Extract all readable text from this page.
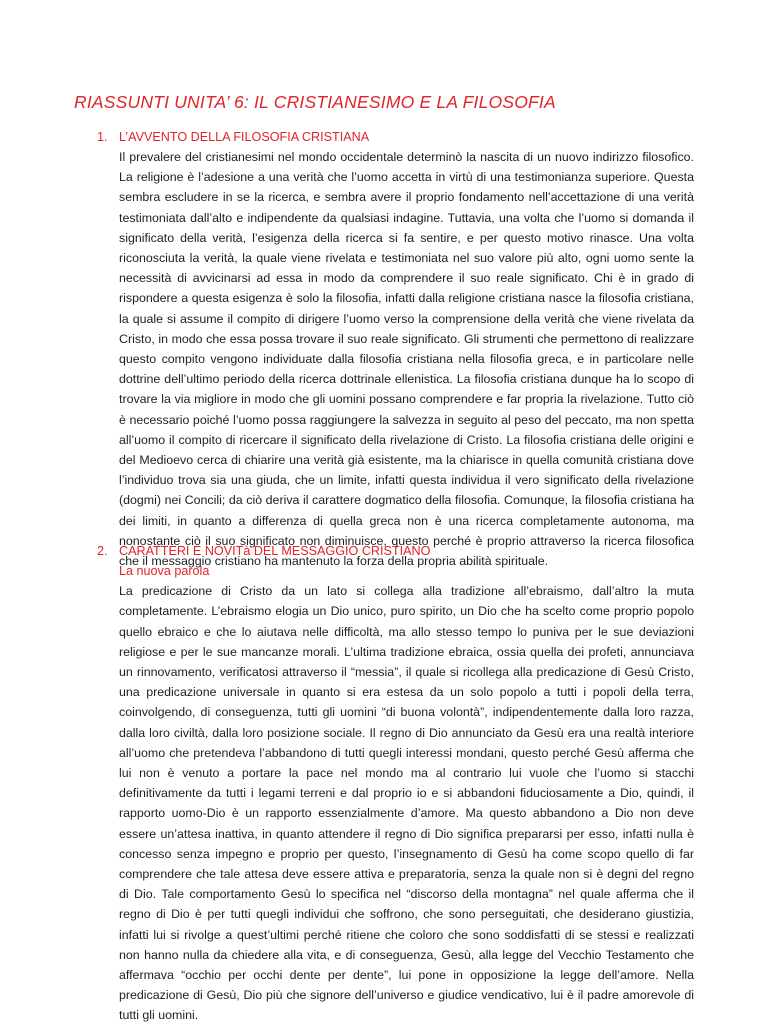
RIASSUNTI UNITA’ 6: IL CRISTIANESIMO E LA FILOSOFIA
1. L’AVVENTO DELLA FILOSOFIA CRISTIANA

Il prevalere del cristianesimi nel mondo occidentale determinò la nascita di un nuovo indirizzo filosofico. La religione è l’adesione a una verità che l’uomo accetta in virtù di una testimonianza superiore. Questa sembra escludere in se la ricerca, e sembra avere il proprio fondamento nell’accettazione di una verità testimoniata dall’alto e indipendente da qualsiasi indagine. Tuttavia, una volta che l’uomo si domanda il significato della verità, l’esigenza della ricerca si fa sentire, e per questo motivo rinasce. Una volta riconosciuta la verità, la quale viene rivelata e testimoniata nel suo valore più alto, ogni uomo sente la necessità di avvicinarsi ad essa in modo da comprendere il suo reale significato. Chi è in grado di rispondere a questa esigenza è solo la filosofia, infatti dalla religione cristiana nasce la filosofia cristiana, la quale si assume il compito di dirigere l’uomo verso la comprensione della verità che viene rivelata da Cristo, in modo che essa possa trovare il suo reale significato. Gli strumenti che permettono di realizzare questo compito vengono individuate dalla filosofia cristiana nella filosofia greca, e in particolare nelle dottrine dell’ultimo periodo della ricerca dottrinale ellenistica. La filosofia cristiana dunque ha lo scopo di trovare la via migliore in modo che gli uomini possano comprendere e far propria la rivelazione. Tutto ciò è necessario poiché l’uomo possa raggiungere la salvezza in seguito al peso del peccato, ma non spetta all’uomo il compito di ricercare il significato della rivelazione di Cristo. La filosofia cristiana delle origini e del Medioevo cerca di chiarire una verità già esistente, ma la chiarisce in quella comunità cristiana dove l’individuo trova sia una giuda, che un limite, infatti questa individua il vero significato della rivelazione (dogmi) nei Concili; da ciò deriva il carattere dogmatico della filosofia. Comunque, la filosofia cristiana ha dei limiti, in quanto a differenza di quella greca non è una ricerca completamente autonoma, ma nonostante ciò il suo significato non diminuisce, questo perché è proprio attraverso la ricerca filosofica che il messaggio cristiano ha mantenuto la forza della propria abilità spirituale.

2. CARATTERI E NOVITà DEL MESSAGGIO CRISTIANO
La nuova parola

La predicazione di Cristo da un lato si collega alla tradizione all’ebraismo, dall’altro la muta completamente. L’ebraismo elogia un Dio unico, puro spirito, un Dio che ha scelto come proprio popolo quello ebraico e che lo aiutava nelle difficoltà, ma allo stesso tempo lo puniva per le sue deviazioni religiose e per le sue mancanze morali. L’ultima tradizione ebraica, ossia quella dei profeti, annunciava un rinnovamento, verificatosi attraverso il “messia”, il quale si ricollega alla predicazione di Gesù Cristo, una predicazione universale in quanto si era estesa da un solo popolo a tutti i popoli della terra, coinvolgendo, di conseguenza, tutti gli uomini “di buona volontà”, indipendentemente dalla loro razza, dalla loro civiltà, dalla loro posizione sociale. Il regno di Dio annunciato da Gesù era una realtà interiore all’uomo che pretendeva l’abbandono di tutti quegli interessi mondani, questo perché Gesù afferma che lui non è venuto a portare la pace nel mondo ma al contrario lui vuole che l’uomo si stacchi definitivamente da tutti i legami terreni e dal proprio io e si abbandoni fiduciosamente a Dio, quindi, il rapporto uomo-Dio è un rapporto essenzialmente d’amore. Ma questo abbandono a Dio non deve essere un’attesa inattiva, in quanto attendere il regno di Dio significa prepararsi per esso, infatti nulla è concesso senza impegno e proprio per questo, l’insegnamento di Gesù ha come scopo quello di far comprendere che tale attesa deve essere attiva e preparatoria, senza la quale non si è degni del regno di Dio. Tale comportamento Gesù lo specifica nel “discorso della montagna” nel quale afferma che il regno di Dio è per tutti quegli individui che soffrono, che sono perseguitati, che desiderano giustizia, infatti lui si rivolge a quest’ultimi perché ritiene che coloro che sono soddisfatti di se stessi e realizzati non hanno nulla da chiedere alla vita, e di conseguenza, Gesù, alla legge del Vecchio Testamento che affermava “occhio per occhi dente per dente”, lui pone in opposizione la legge dell’amore. Nella predicazione di Gesù, Dio più che signore dell’universo e giudice vendicativo, lui è il padre amorevole di tutti gli uomini.
